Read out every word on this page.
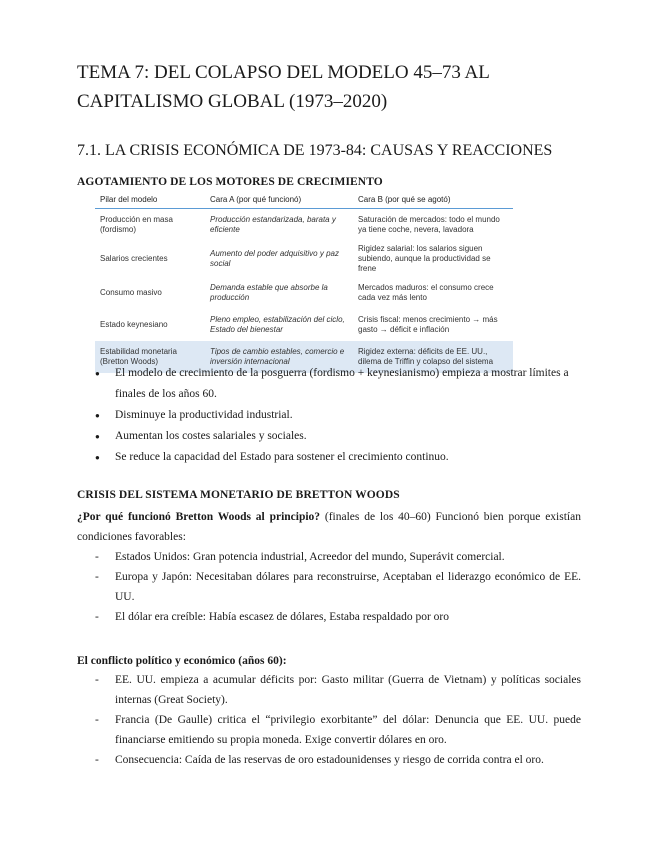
TEMA 7: DEL COLAPSO DEL MODELO 45–73 AL CAPITALISMO GLOBAL (1973–2020)
7.1. LA CRISIS ECONÓMICA DE 1973-84: CAUSAS Y REACCIONES
AGOTAMIENTO DE LOS MOTORES DE CRECIMIENTO
Pilar del modelo	Cara A (por qué funcionó)	Cara B (por qué se agotó)
Producción en masa (fordismo)	Producción estandarizada, barata y eficiente	Saturación de mercados: todo el mundo ya tiene coche, nevera, lavadora
Salarios crecientes	Aumento del poder adquisitivo y paz social	Rigidez salarial: los salarios siguen subiendo, aunque la productividad se frene
Consumo masivo	Demanda estable que absorbe la producción	Mercados maduros: el consumo crece cada vez más lento
Estado keynesiano	Pleno empleo, estabilización del ciclo, Estado del bienestar	Crisis fiscal: menos crecimiento → más gasto → déficit e inflación
Estabilidad monetaria (Bretton Woods)	Tipos de cambio estables, comercio e inversión internacional	Rigidez externa: déficits de EE. UU., dilema de Triffin y colapso del sistema
● El modelo de crecimiento de la posguerra (fordismo + keynesianismo) empieza a mostrar límites a finales de los años 60.
● Disminuye la productividad industrial.
● Aumentan los costes salariales y sociales.
● Se reduce la capacidad del Estado para sostener el crecimiento continuo.
CRISIS DEL SISTEMA MONETARIO DE BRETTON WOODS

¿Por qué funcionó Bretton Woods al principio? (finales de los 40–60) Funcionó bien porque existían condiciones favorables:

- Estados Unidos: Gran potencia industrial, Acreedor del mundo, Superávit comercial.
- Europa y Japón: Necesitaban dólares para reconstruirse, Aceptaban el liderazgo económico de EE. UU.
- El dólar era creíble: Había escasez de dólares, Estaba respaldado por oro

El conflicto político y económico (años 60):

- EE. UU. empieza a acumular déficits por: Gasto militar (Guerra de Vietnam) y políticas sociales internas (Great Society).
- Francia (De Gaulle) critica el “privilegio exorbitante” del dólar: Denuncia que EE. UU. puede financiarse emitiendo su propia moneda. Exige convertir dólares en oro.
- Consecuencia: Caída de las reservas de oro estadounidenses y riesgo de corrida contra el oro.
